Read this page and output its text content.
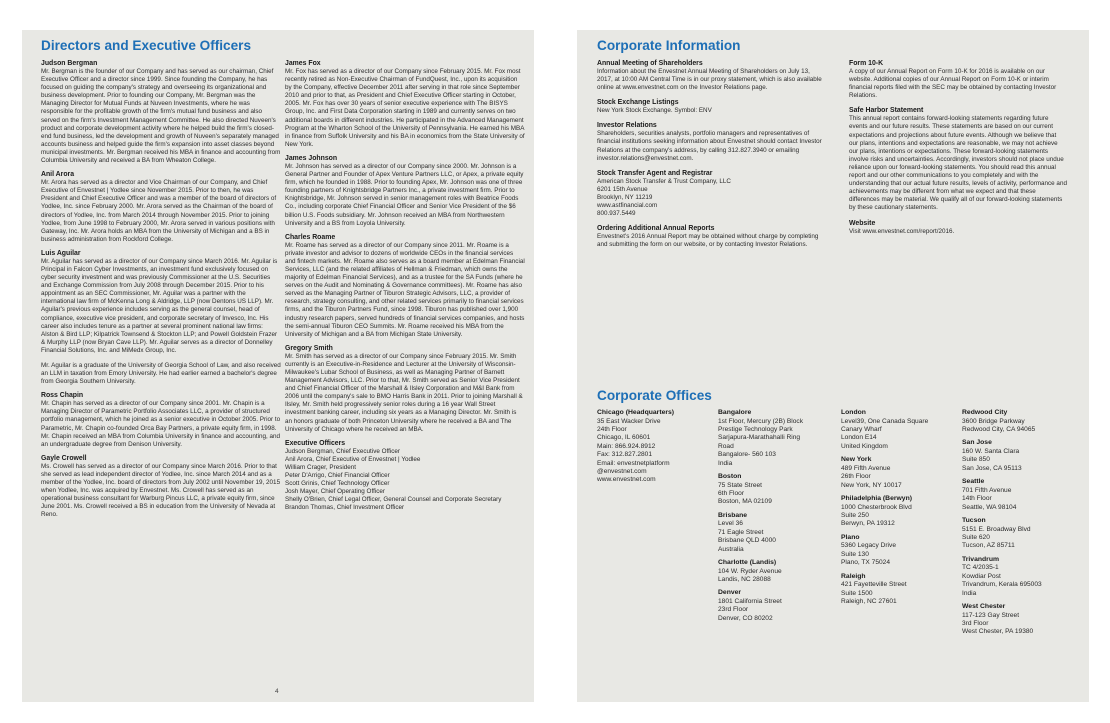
Directors and Executive Officers
Judson Bergman

Mr. Bergman is the founder of our Company and has served as our chairman, Chief Executive Officer and a director since 1999. Since founding the Company, he has focused on guiding the company's strategy and overseeing its organizational and business development. Prior to founding our Company, Mr. Bergman was the Managing Director for Mutual Funds at Nuveen Investments, where he was responsible for the profitable growth of the firm's mutual fund business and also served on the firm's Investment Management Committee. He also directed Nuveen's product and corporate development activity where he helped build the firm's closed-end fund business, led the development and growth of Nuveen's separately managed accounts business and helped guide the firm's expansion into asset classes beyond municipal investments. Mr. Bergman received his MBA in finance and accounting from Columbia University and received a BA from Wheaton College.

Anil Arora

Mr. Arora has served as a director and Vice Chairman of our Company, and Chief Executive of Envestnet | Yodlee since November 2015. Prior to then, he was President and Chief Executive Officer and was a member of the board of directors of Yodlee, Inc. since February 2000. Mr. Arora served as the Chairman of the board of directors of Yodlee, Inc. from March 2014 through November 2015. Prior to joining Yodlee, from June 1998 to February 2000, Mr. Arora served in various positions with Gateway, Inc. Mr. Arora holds an MBA from the University of Michigan and a BS in business administration from Rockford College.

Luis Aguilar

Mr. Aguilar has served as a director of our Company since March 2016. Mr. Aguilar is Principal in Falcon Cyber Investments, an investment fund exclusively focused on cyber security investment and was previously Commissioner at the U.S. Securities and Exchange Commission from July 2008 through December 2015. Prior to his appointment as an SEC Commissioner, Mr. Aguilar was a partner with the international law firm of McKenna Long & Aldridge, LLP (now Dentons US LLP). Mr. Aguilar's previous experience includes serving as the general counsel, head of compliance, executive vice president, and corporate secretary of Invesco, Inc. His career also includes tenure as a partner at several prominent national law firms: Alston & Bird LLP; Kilpatrick Townsend & Stockton LLP; and Powell Goldstein Frazer & Murphy LLP (now Bryan Cave LLP). Mr. Aguilar serves as a director of Donnelley Financial Solutions, Inc. and MiMedx Group, Inc.

Mr. Aguilar is a graduate of the University of Georgia School of Law, and also received an LLM in taxation from Emory University. He had earlier earned a bachelor's degree from Georgia Southern University.

Ross Chapin

Mr. Chapin has served as a director of our Company since 2001. Mr. Chapin is a Managing Director of Parametric Portfolio Associates LLC, a provider of structured portfolio management, which he joined as a senior executive in October 2005. Prior to Parametric, Mr. Chapin co-founded Orca Bay Partners, a private equity firm, in 1998. Mr. Chapin received an MBA from Columbia University in finance and accounting, and an undergraduate degree from Denison University.

Gayle Crowell

Ms. Crowell has served as a director of our Company since March 2016. Prior to that she served as lead independent director of Yodlee, Inc. since March 2014 and as a member of the Yodlee, Inc. board of directors from July 2002 until November 19, 2015 when Yodlee, Inc. was acquired by Envestnet. Ms. Crowell has served as an operational business consultant for Warburg Pincus LLC, a private equity firm, since June 2001. Ms. Crowell received a BS in education from the University of Nevada at Reno.

James Fox

Mr. Fox has served as a director of our Company since February 2015. Mr. Fox most recently retired as Non-Executive Chairman of FundQuest, Inc., upon its acquisition by the Company, effective December 2011 after serving in that role since September 2010 and prior to that, as President and Chief Executive Officer starting in October, 2005. Mr. Fox has over 30 years of senior executive experience with The BISYS Group, Inc. and First Data Corporation starting in 1989 and currently serves on two additional boards in different industries. He participated in the Advanced Management Program at the Wharton School of the University of Pennsylvania. He earned his MBA in finance from Suffolk University and his BA in economics from the State University of New York.

James Johnson

Mr. Johnson has served as a director of our Company since 2000. Mr. Johnson is a General Partner and Founder of Apex Venture Partners LLC, or Apex, a private equity firm, which he founded in 1988. Prior to founding Apex, Mr. Johnson was one of three founding partners of Knightsbridge Partners Inc., a private investment firm. Prior to Knightsbridge, Mr. Johnson served in senior management roles with Beatrice Foods Co., including corporate Chief Financial Officer and Senior Vice President of the $6 billion U.S. Foods subsidiary. Mr. Johnson received an MBA from Northwestern University and a BS from Loyola University.

Charles Roame

Mr. Roame has served as a director of our Company since 2011. Mr. Roame is a private investor and advisor to dozens of worldwide CEOs in the financial services and fintech markets. Mr. Roame also serves as a board member at Edelman Financial Services, LLC (and the related affiliates of Hellman & Friedman, which owns the majority of Edelman Financial Services), and as a trustee for the SA Funds (where he serves on the Audit and Nominating & Governance committees). Mr. Roame has also served as the Managing Partner of Tiburon Strategic Advisors, LLC, a provider of research, strategy consulting, and other related services primarily to financial services firms, and the Tiburon Partners Fund, since 1998. Tiburon has published over 1,900 industry research papers, served hundreds of financial services companies, and hosts the semi-annual Tiburon CEO Summits. Mr. Roame received his MBA from the University of Michigan and a BA from Michigan State University.

Gregory Smith

Mr. Smith has served as a director of our Company since February 2015. Mr. Smith currently is an Executive-in-Residence and Lecturer at the University of Wisconsin-Milwaukee's Lubar School of Business, as well as Managing Partner of Barnett Management Advisors, LLC. Prior to that, Mr. Smith served as Senior Vice President and Chief Financial Officer of the Marshall & Ilsley Corporation and M&I Bank from 2006 until the company's sale to BMO Harris Bank in 2011. Prior to joining Marshall & Ilsley, Mr. Smith held progressively senior roles during a 16 year Wall Street investment banking career, including six years as a Managing Director. Mr. Smith is an honors graduate of both Princeton University where he received a BA and The University of Chicago where he received an MBA.

Executive Officers
Judson Bergman, Chief Executive Officer
Anil Arora, Chief Executive of Envestnet | Yodlee
William Crager, President
Peter D'Arrigo, Chief Financial Officer
Scott Grinis, Chief Technology Officer
Josh Mayer, Chief Operating Officer
Shelly O'Brien, Chief Legal Officer, General Counsel and Corporate Secretary
Brandon Thomas, Chief Investment Officer
4
Corporate Information
Annual Meeting of Shareholders

Information about the Envestnet Annual Meeting of Shareholders on July 13, 2017, at 10:00 AM Central Time is in our proxy statement, which is also available online at www.envestnet.com on the Investor Relations page.

Stock Exchange Listings

New York Stock Exchange. Symbol: ENV

Investor Relations

Shareholders, securities analysts, portfolio managers and representatives of financial institutions seeking information about Envestnet should contact Investor Relations at the company's address, by calling 312.827.3940 or emailing investor.relations@envestnet.com.

Stock Transfer Agent and Registrar

American Stock Transfer & Trust Company, LLC

6201 15th Avenue

Brooklyn, NY 11219

www.astfinancial.com

800.937.5449

Ordering Additional Annual Reports

Envestnet's 2016 Annual Report may be obtained without charge by completing and submitting the form on our website, or by contacting Investor Relations.

Form 10-K

A copy of our Annual Report on Form 10-K for 2016 is available on our website. Additional copies of our Annual Report on Form 10-K or interim financial reports filed with the SEC may be obtained by contacting Investor Relations.

Safe Harbor Statement

This annual report contains forward-looking statements regarding future events and our future results. These statements are based on our current expectations and projections about future events. Although we believe that our plans, intentions and expectations are reasonable, we may not achieve our plans, intentions or expectations. These forward-looking statements involve risks and uncertainties. Accordingly, investors should not place undue reliance upon our forward-looking statements. You should read this annual report and our other communications to you completely and with the understanding that our actual future results, levels of activity, performance and achievements may be different from what we expect and that these differences may be material. We qualify all of our forward-looking statements by these cautionary statements.

Website

Visit www.envestnet.com/report/2016.

Corporate Offices
Chicago (Headquarters)
35 East Wacker Drive
24th Floor
Chicago, IL 60601
Main: 866.924.8912
Fax: 312.827.2801
Email: envestnetplatform
@envestnet.com
www.envestnet.com
Bangalore
1st Floor, Mercury (2B) Block
Prestige Technology Park
Sarjapura-Marathahalli Ring
Road
Bangalore- 560 103
India
Boston
75 State Street
6th Floor
Boston, MA 02109
Brisbane
Level 36
71 Eagle Street
Brisbane QLD 4000
Australia
Charlotte (Landis)
104 W. Ryder Avenue
Landis, NC 28088
Denver
1801 California Street
23rd Floor
Denver, CO 80202
London
Level39, One Canada Square
Canary Wharf
London E14
United Kingdom
New York
489 Fifth Avenue
26th Floor
New York, NY 10017
Philadelphia (Berwyn)
1000 Chesterbrook Blvd
Suite 250
Berwyn, PA 19312
Plano
5360 Legacy Drive
Suite 130
Plano, TX 75024
Raleigh
421 Fayetteville Street
Suite 1500
Raleigh, NC 27601
Redwood City
3600 Bridge Parkway
Redwood City, CA 94065
San Jose
160 W. Santa Clara
Suite 850
San Jose, CA 95113
Seattle
701 Fifth Avenue
14th Floor
Seattle, WA 98104
Tucson
5151 E. Broadway Blvd
Suite 620
Tucson, AZ 85711
Trivandrum
TC 4/2035-1
Kowdiar Post
Trivandrum, Kerala 695003
India
West Chester
117-123 Gay Street
3rd Floor
West Chester, PA 19380
